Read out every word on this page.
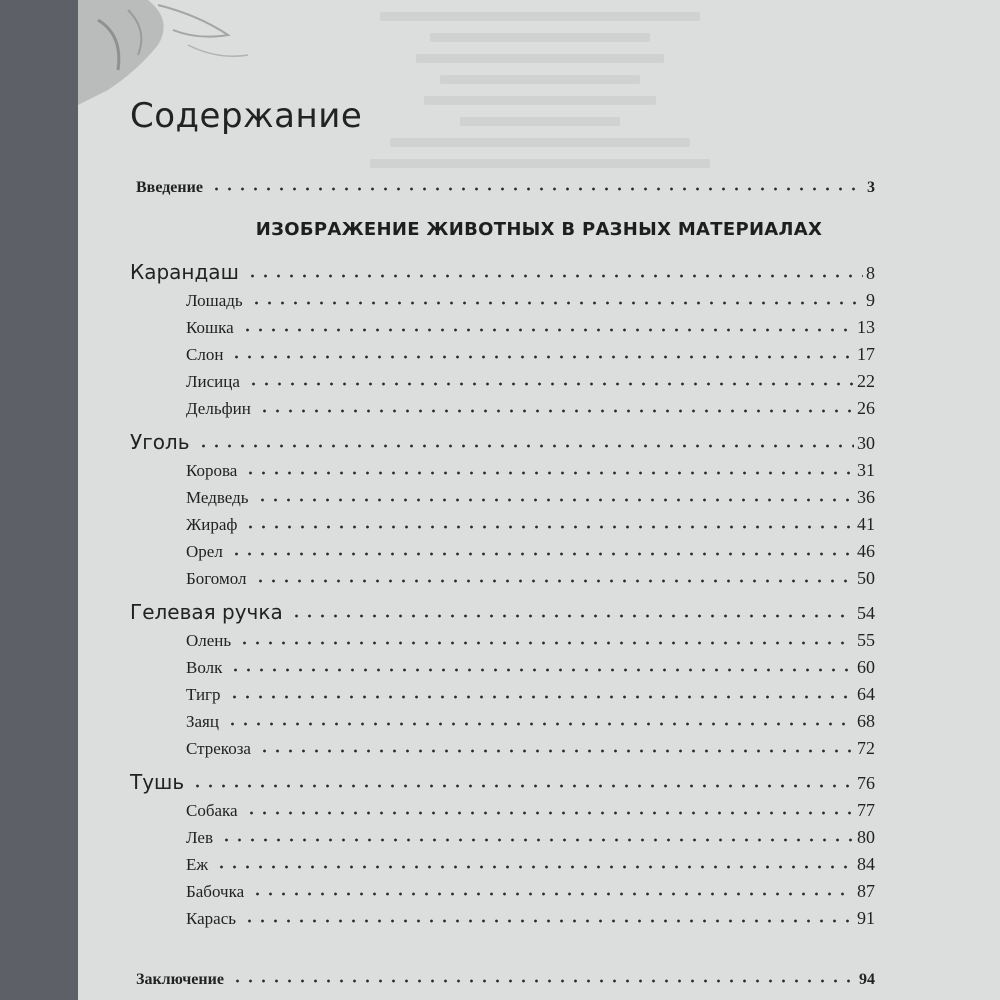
Содержание
Введение	3
ИЗОБРАЖЕНИЕ ЖИВОТНЫХ В РАЗНЫХ МАТЕРИАЛАХ
Заключение	94
Карандаш	8
Лошадь	9
Кошка	13
Слон	17
Лисица	22
Дельфин	26
Уголь	30
Корова	31
Медведь	36
Жираф	41
Орел	46
Богомол	50
Гелевая ручка	54
Олень	55
Волк	60
Тигр	64
Заяц	68
Стрекоза	72
Тушь	76
Собака	77
Лев	80
Еж	84
Бабочка	87
Карась	91
